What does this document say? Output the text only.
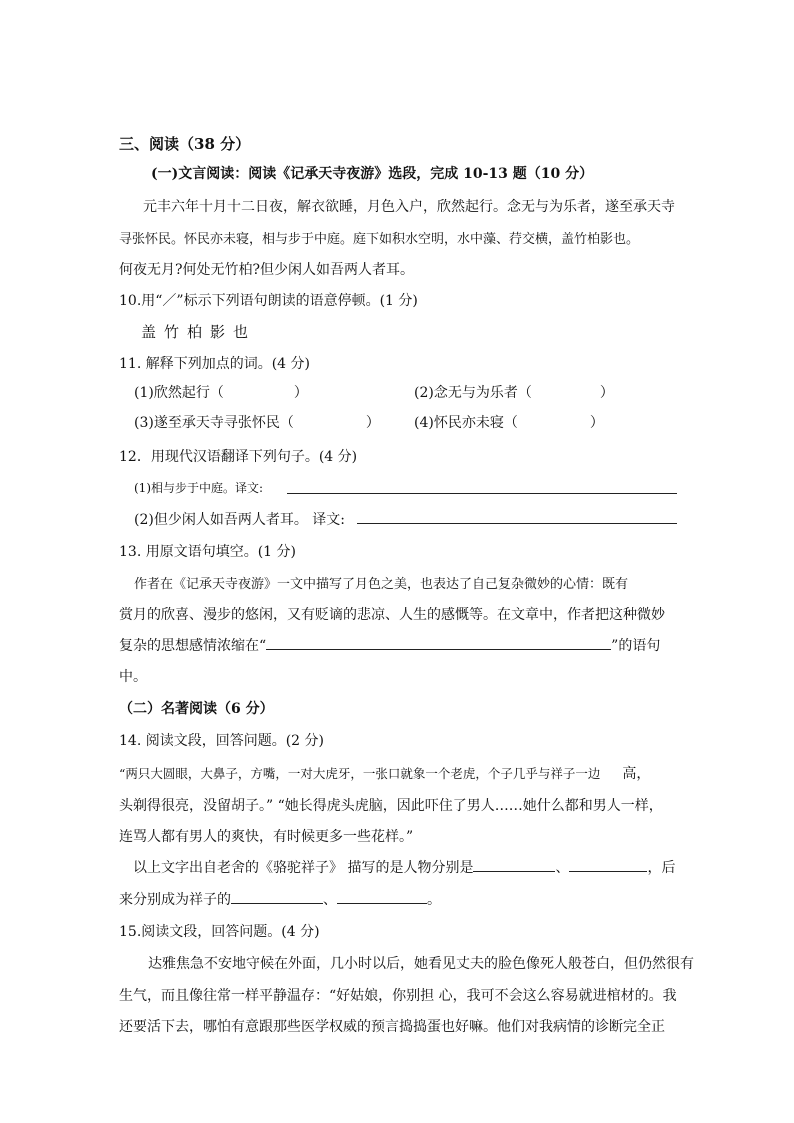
三、阅读（38 分）
(一)文言阅读：阅读《记承天寺夜游》选段，完成 10-13 题（10 分）
元丰六年十月十二日夜，解衣欲睡，月色入户，欣然起行。念无与为乐者，遂至承天寺
寻张怀民。怀民亦未寝，相与步于中庭。庭下如积水空明，水中藻、荇交横，盖竹柏影也。
何夜无月?何处无竹柏?但少闲人如吾两人者耳。
10.用“／”标示下列语句朗读的语意停顿。(1 分)
盖 竹 柏 影 也
11. 解释下列加点的词。(4 分)
(1)欣然起行（	）	(2)念无与为乐者（	）
(3)遂至承天寺寻张怀民（	） (4)怀民亦未寝（	）
12．用现代汉语翻译下列句子。(4 分)
(1)相与步于中庭。译文:
(2)但少闲人如吾两人者耳。 译文:
13. 用原文语句填空。(1 分)
作者在《记承天寺夜游》一文中描写了月色之美，也表达了自己复杂微妙的心情：既有
赏月的欣喜、漫步的悠闲，又有贬谪的悲凉、人生的感慨等。在文章中，作者把这种微妙
复杂的思想感情浓缩在“	”的语句
中。
（二）名著阅读（6 分）
14. 阅读文段，回答问题。(2 分)
“两只大圆眼，大鼻子，方嘴，一对大虎牙，一张口就象一个老虎，个子几乎与祥子一边 高，
头剃得很亮，没留胡子。” “她长得虎头虎脑，因此吓住了男人……她什么都和男人一样，
连骂人都有男人的爽快，有时候更多一些花样。”
以上文字出自老舍的《骆驼祥子》 描写的是人物分别是	、	，后
来分别成为祥子的	、	。
15.阅读文段，回答问题。(4 分)
达雅焦急不安地守候在外面，几小时以后，她看见丈夫的脸色像死人般苍白，但仍然很有
生气，而且像往常一样平静温存：“好姑娘，你别担 心，我可不会这么容易就进棺材的。我
还要活下去，哪怕有意跟那些医学权威的预言捣捣蛋也好嘛。他们对我病情的诊断完全正
